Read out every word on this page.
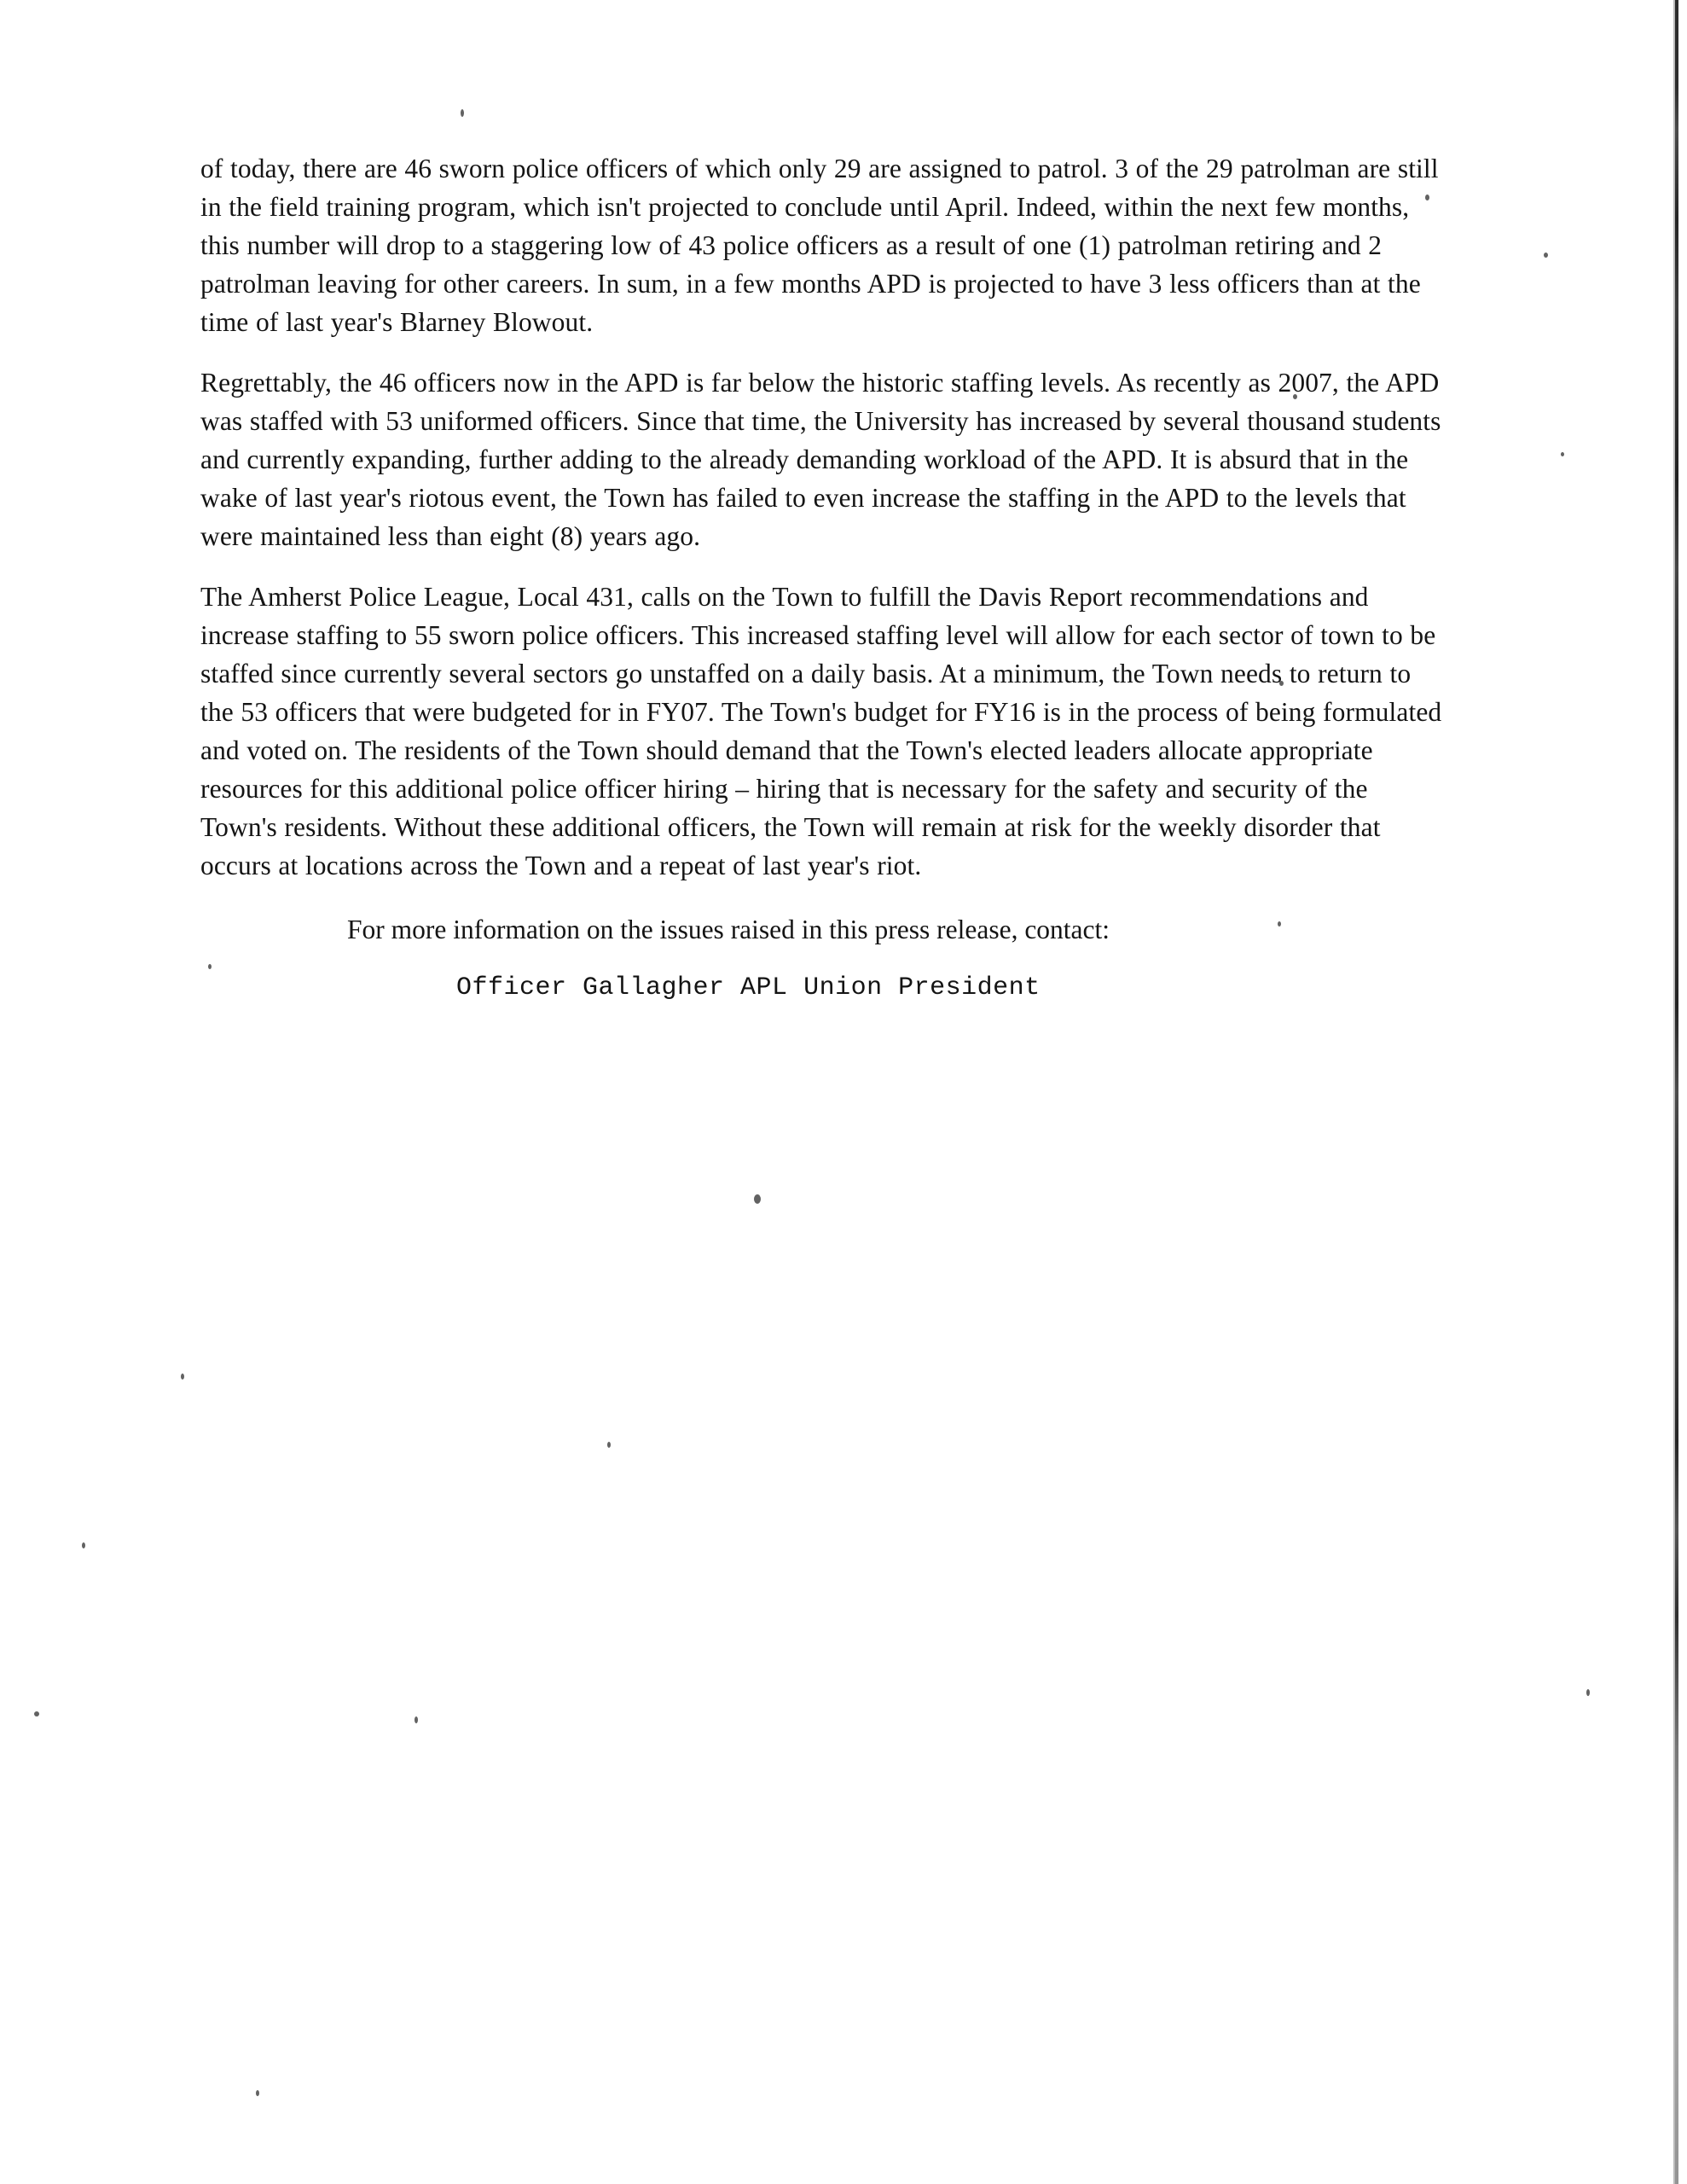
of today, there are 46 sworn police officers of which only 29 are assigned to patrol. 3 of the 29 patrolman are still in the field training program, which isn't projected to conclude until April. Indeed, within the next few months, this number will drop to a staggering low of 43 police officers as a result of one (1) patrolman retiring and 2 patrolman leaving for other careers. In sum, in a few months APD is projected to have 3 less officers than at the time of last year's Blarney Blowout.

Regrettably, the 46 officers now in the APD is far below the historic staffing levels. As recently as 2007, the APD was staffed with 53 uniformed officers. Since that time, the University has increased by several thousand students and currently expanding, further adding to the already demanding workload of the APD. It is absurd that in the wake of last year's riotous event, the Town has failed to even increase the staffing in the APD to the levels that were maintained less than eight (8) years ago.

The Amherst Police League, Local 431, calls on the Town to fulfill the Davis Report recommendations and increase staffing to 55 sworn police officers. This increased staffing level will allow for each sector of town to be staffed since currently several sectors go unstaffed on a daily basis. At a minimum, the Town needs to return to the 53 officers that were budgeted for in FY07. The Town's budget for FY16 is in the process of being formulated and voted on. The residents of the Town should demand that the Town's elected leaders allocate appropriate resources for this additional police officer hiring – hiring that is necessary for the safety and security of the Town's residents. Without these additional officers, the Town will remain at risk for the weekly disorder that occurs at locations across the Town and a repeat of last year's riot.

For more information on the issues raised in this press release, contact:

Officer Gallagher APL Union President
